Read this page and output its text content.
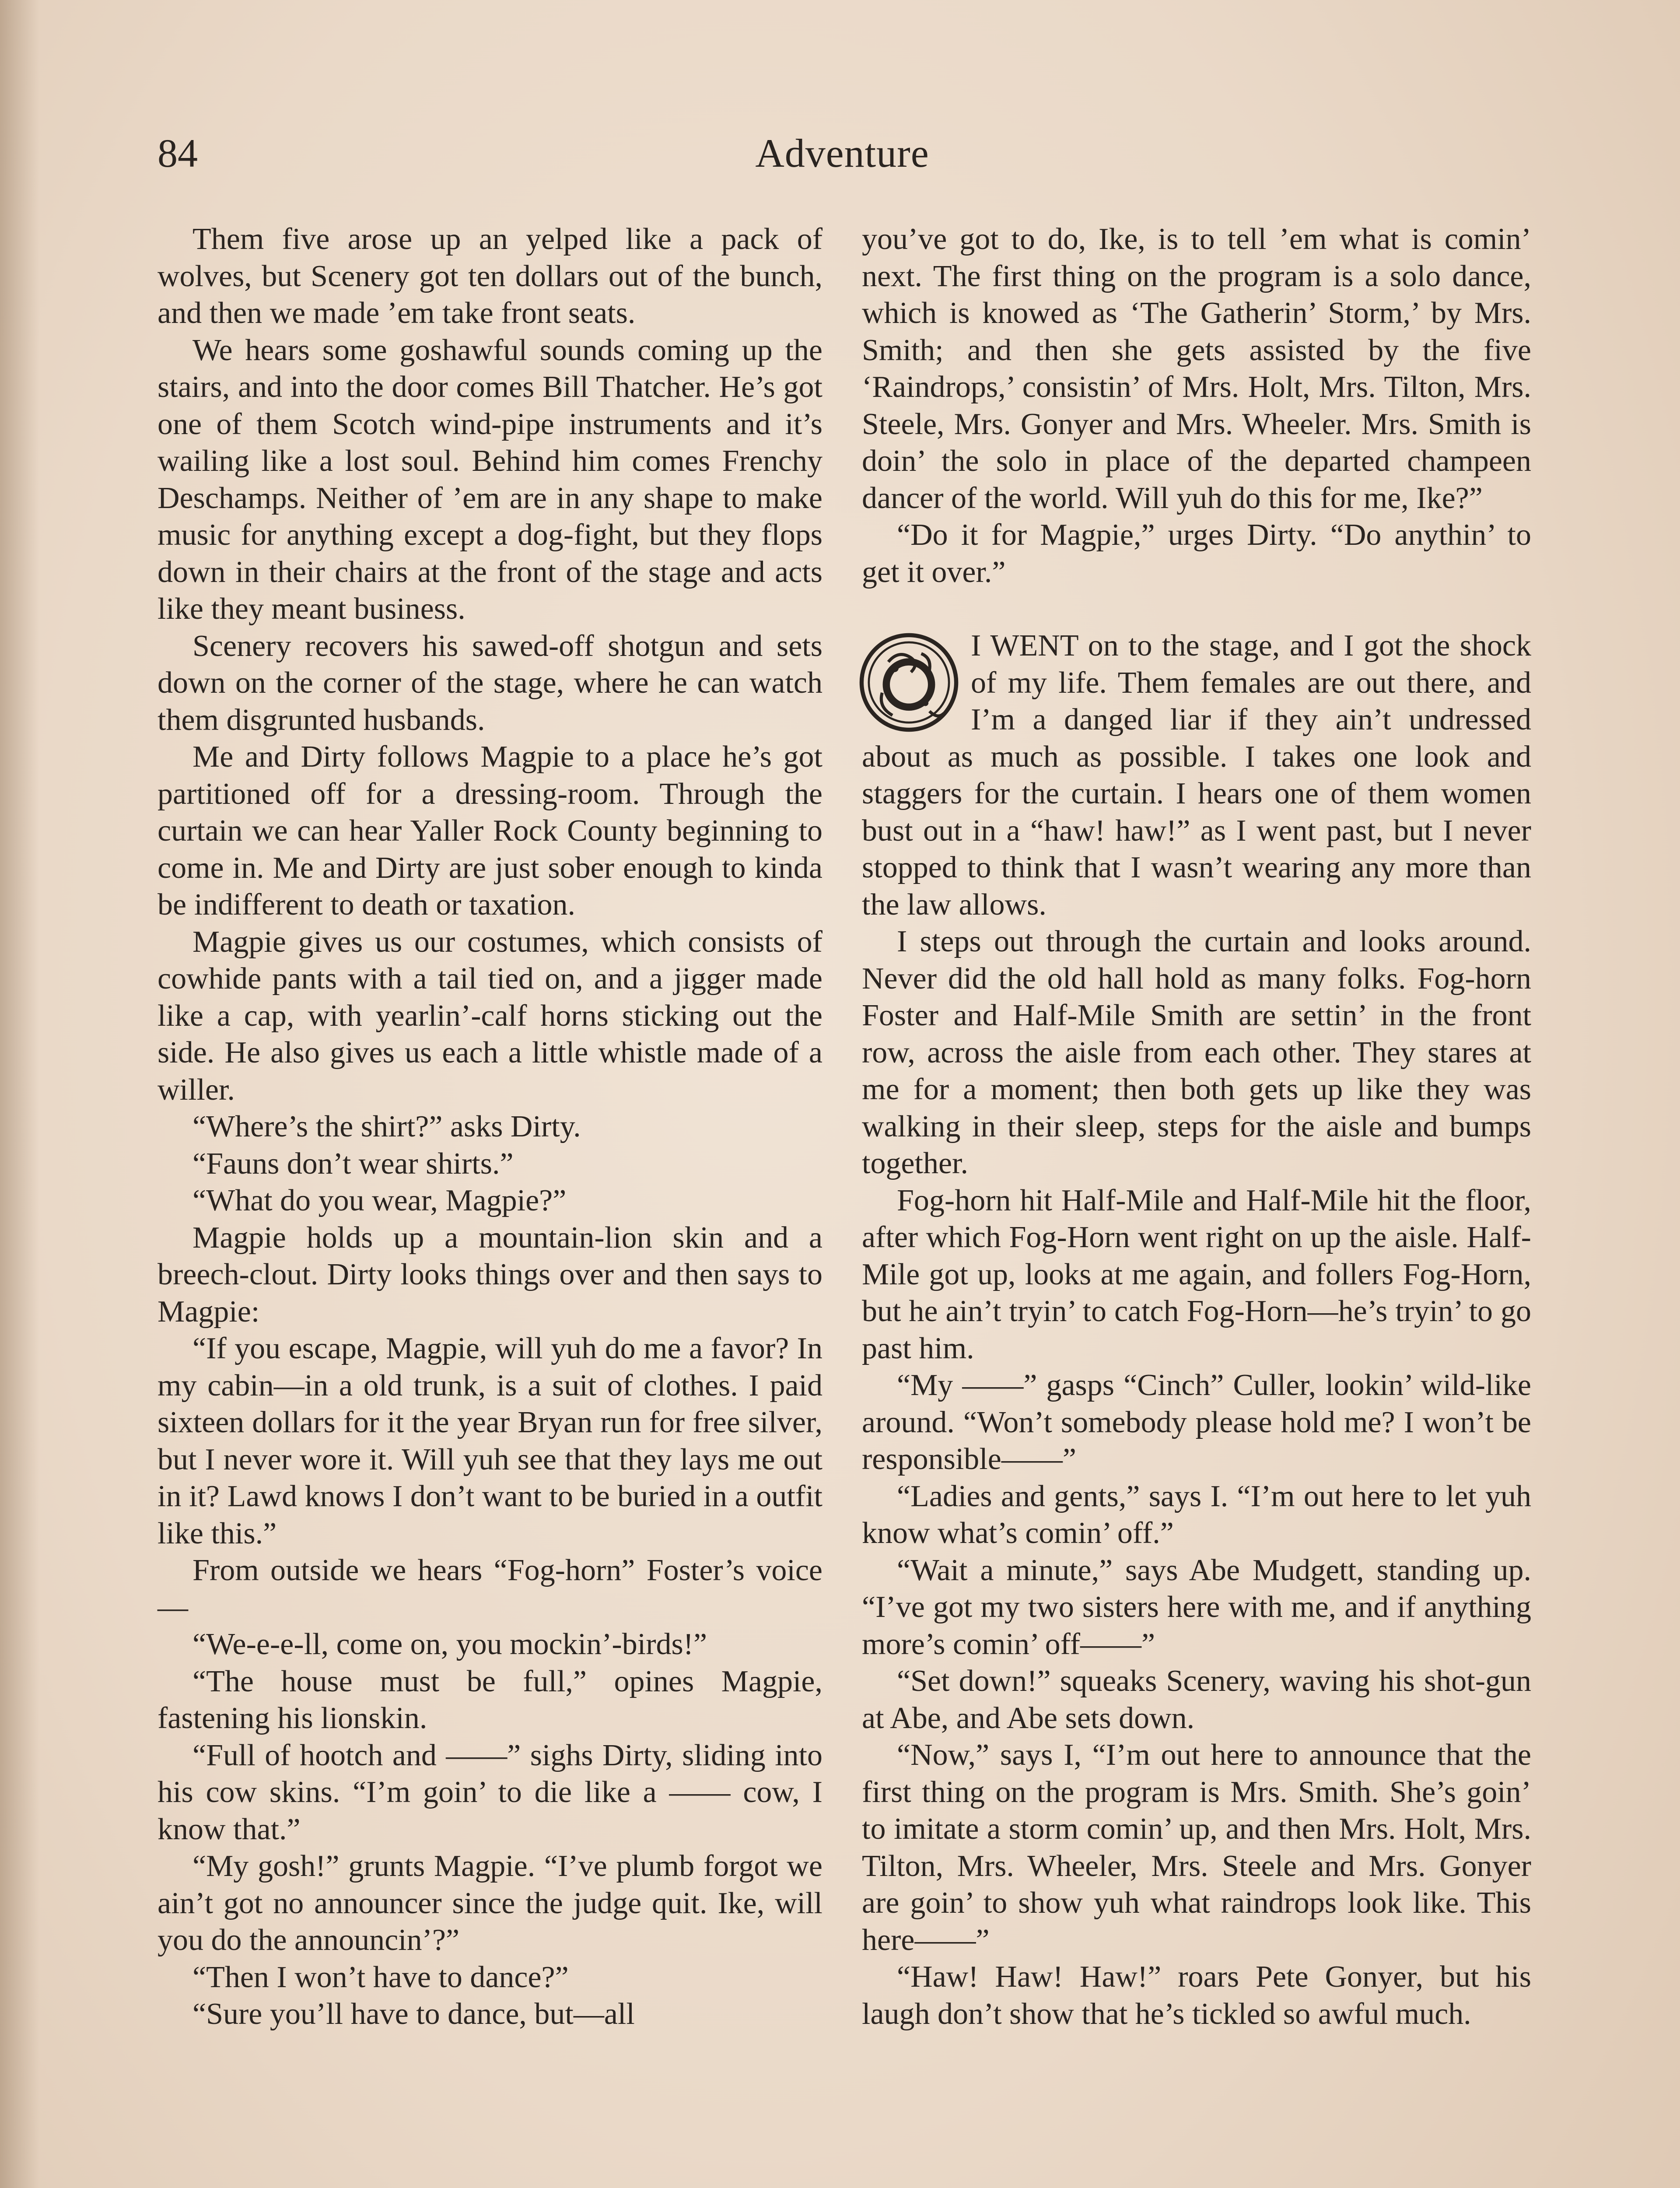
84	Adventure

Them five arose up an yelped like a pack of wolves, but Scenery got ten dollars out of the bunch, and then we made ’em take front seats.

We hears some goshawful sounds coming up the stairs, and into the door comes Bill Thatcher. He’s got one of them Scotch wind-pipe instruments and it’s wailing like a lost soul. Behind him comes Frenchy Deschamps. Neither of ’em are in any shape to make music for anything except a dog-fight, but they flops down in their chairs at the front of the stage and acts like they meant business.

Scenery recovers his sawed-off shotgun and sets down on the corner of the stage, where he can watch them disgrunted husbands.

Me and Dirty follows Magpie to a place he’s got partitioned off for a dressing-room. Through the curtain we can hear Yaller Rock County beginning to come in. Me and Dirty are just sober enough to kinda be indifferent to death or taxation.

Magpie gives us our costumes, which consists of cowhide pants with a tail tied on, and a jigger made like a cap, with yearlin’-calf horns sticking out the side. He also gives us each a little whistle made of a willer.

“Where’s the shirt?” asks Dirty.

“Fauns don’t wear shirts.”

“What do you wear, Magpie?”

Magpie holds up a mountain-lion skin and a breech-clout. Dirty looks things over and then says to Magpie:

“If you escape, Magpie, will yuh do me a favor? In my cabin—in a old trunk, is a suit of clothes. I paid sixteen dollars for it the year Bryan run for free silver, but I never wore it. Will yuh see that they lays me out in it? Lawd knows I don’t want to be buried in a outfit like this.”

From outside we hears “Fog-horn” Foster’s voice—

“We-e-e-ll, come on, you mockin’-birds!”

“The house must be full,” opines Magpie, fastening his lionskin.

“Full of hootch and ——” sighs Dirty, sliding into his cow skins. “I’m goin’ to die like a —— cow, I know that.”

“My gosh!” grunts Magpie. “I’ve plumb forgot we ain’t got no announcer since the judge quit. Ike, will you do the announcin’?”

“Then I won’t have to dance?”

“Sure you’ll have to dance, but—all

you’ve got to do, Ike, is to tell ’em what is comin’ next. The first thing on the program is a solo dance, which is knowed as ‘The Gatherin’ Storm,’ by Mrs. Smith; and then she gets assisted by the five ‘Raindrops,’ consistin’ of Mrs. Holt, Mrs. Tilton, Mrs. Steele, Mrs. Gonyer and Mrs. Wheeler. Mrs. Smith is doin’ the solo in place of the departed champeen dancer of the world. Will yuh do this for me, Ike?”

“Do it for Magpie,” urges Dirty. “Do anythin’ to get it over.”

I WENT on to the stage, and I got the shock of my life. Them females are out there, and I’m a danged liar if they ain’t undressed about as much as possible. I takes one look and staggers for the curtain. I hears one of them women bust out in a “haw! haw!” as I went past, but I never stopped to think that I wasn’t wearing any more than the law allows.

I steps out through the curtain and looks around. Never did the old hall hold as many folks. Fog-horn Foster and Half-Mile Smith are settin’ in the front row, across the aisle from each other. They stares at me for a moment; then both gets up like they was walking in their sleep, steps for the aisle and bumps together.

Fog-horn hit Half-Mile and Half-Mile hit the floor, after which Fog-Horn went right on up the aisle. Half-Mile got up, looks at me again, and follers Fog-Horn, but he ain’t tryin’ to catch Fog-Horn—he’s tryin’ to go past him.

“My ——” gasps “Cinch” Culler, lookin’ wild-like around. “Won’t somebody please hold me? I won’t be responsible——”

“Ladies and gents,” says I. “I’m out here to let yuh know what’s comin’ off.”

“Wait a minute,” says Abe Mudgett, standing up. “I’ve got my two sisters here with me, and if anything more’s comin’ off——”

“Set down!” squeaks Scenery, waving his shot-gun at Abe, and Abe sets down.

“Now,” says I, “I’m out here to announce that the first thing on the program is Mrs. Smith. She’s goin’ to imitate a storm comin’ up, and then Mrs. Holt, Mrs. Tilton, Mrs. Wheeler, Mrs. Steele and Mrs. Gonyer are goin’ to show yuh what raindrops look like. This here——”

“Haw! Haw! Haw!” roars Pete Gonyer, but his laugh don’t show that he’s tickled so awful much.
